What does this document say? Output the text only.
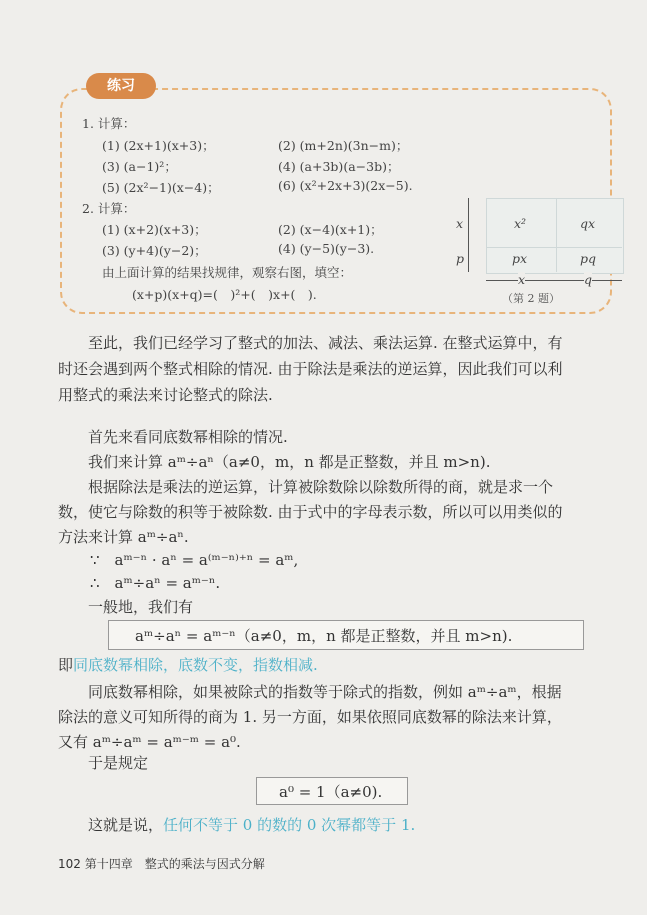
练习
1. 计算：
(1) (2x+1)(x+3)；	(2) (m+2n)(3n−m)；
(3) (a−1)²；	(4) (a+3b)(a−3b)；
(5) (2x²−1)(x−4)；	(6) (x²+2x+3)(2x−5).
2. 计算：
(1) (x+2)(x+3)；	(2) (x−4)(x+1)；
(3) (y+4)(y−2)；	(4) (y−5)(y−3).
由上面计算的结果找规律，观察右图，填空：
(x+p)(x+q)=(　)²+(　)x+(　).
x²	qx
px	pq
x
p
x	q
（第 2 题）
至此，我们已经学习了整式的加法、减法、乘法运算. 在整式运算中，有
时还会遇到两个整式相除的情况. 由于除法是乘法的逆运算，因此我们可以利
用整式的乘法来讨论整式的除法.
首先来看同底数幂相除的情况.
我们来计算 aᵐ÷aⁿ（a≠0，m，n 都是正整数，并且 m>n).
根据除法是乘法的逆运算，计算被除数除以除数所得的商，就是求一个
数，使它与除数的积等于被除数. 由于式中的字母表示数，所以可以用类似的
方法来计算 aᵐ÷aⁿ.
∵　aᵐ⁻ⁿ · aⁿ = a⁽ᵐ⁻ⁿ⁾⁺ⁿ = aᵐ,
∴　aᵐ÷aⁿ = aᵐ⁻ⁿ.
一般地，我们有
aᵐ÷aⁿ = aᵐ⁻ⁿ（a≠0，m，n 都是正整数，并且 m>n).
即同底数幂相除，底数不变，指数相减.
同底数幂相除，如果被除式的指数等于除式的指数，例如 aᵐ÷aᵐ，根据
除法的意义可知所得的商为 1. 另一方面，如果依照同底数幂的除法来计算，
又有 aᵐ÷aᵐ = aᵐ⁻ᵐ = a⁰.
于是规定
a⁰ = 1（a≠0).
这就是说，任何不等于 0 的数的 0 次幂都等于 1.
102 第十四章　整式的乘法与因式分解
